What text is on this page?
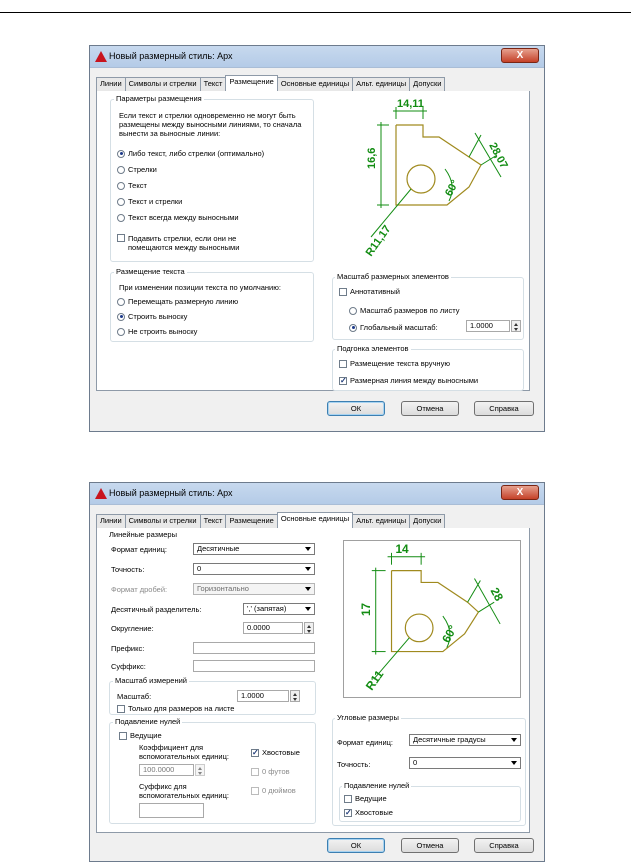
Новый размерный стиль: Арх	X
Линии Символы и стрелки Текст Размещение Основные единицы Альт. единицы Допуски
Параметры размещения
Если текст и стрелки одновременно не могут быть размещены между выносными линиями, то сначала вынести за выносные линии:
Либо текст, либо стрелки (оптимально)
Стрелки
Текст
Текст и стрелки
Текст всегда между выносными
Подавить стрелки, если они не помещаются между выносными
Размещение текста
При изменении позиции текста по умолчанию:
Перемещать размерную линию
Строить выноску
Не строить выноску
14,11
16,6	28,07
60°
R11,17
Масштаб размерных элементов
Аннотативный
Масштаб размеров по листу
Глобальный масштаб:	1.0000
Подгонка элементов
Размещение текста вручную
✓ Размерная линия между выносными
ОК	Отмена	Справка
Новый размерный стиль: Арх	X
Линии Символы и стрелки Текст Размещение Основные единицы Альт. единицы Допуски
Линейные размеры
Формат единиц:	Десятичные
Точность:	0
Формат дробей:	Горизонтально
Десятичный разделитель:	',' (запятая)
Округление:	0.0000
Префикс:
Суффикс:
Масштаб измерений
Масштаб:	1.0000
Только для размеров на листе
Подавление нулей
Ведущие
Коэффициент для вспомогательных единиц:
100.0000
✓ Хвостовые
0 футов
Суффикс для вспомогательных единиц:
0 дюймов
14
17
28
60°
R11
Угловые размеры
Формат единиц:	Десятичные градусы
Точность:	0
Подавление нулей
Ведущие
✓ Хвостовые
ОК	Отмена	Справка
